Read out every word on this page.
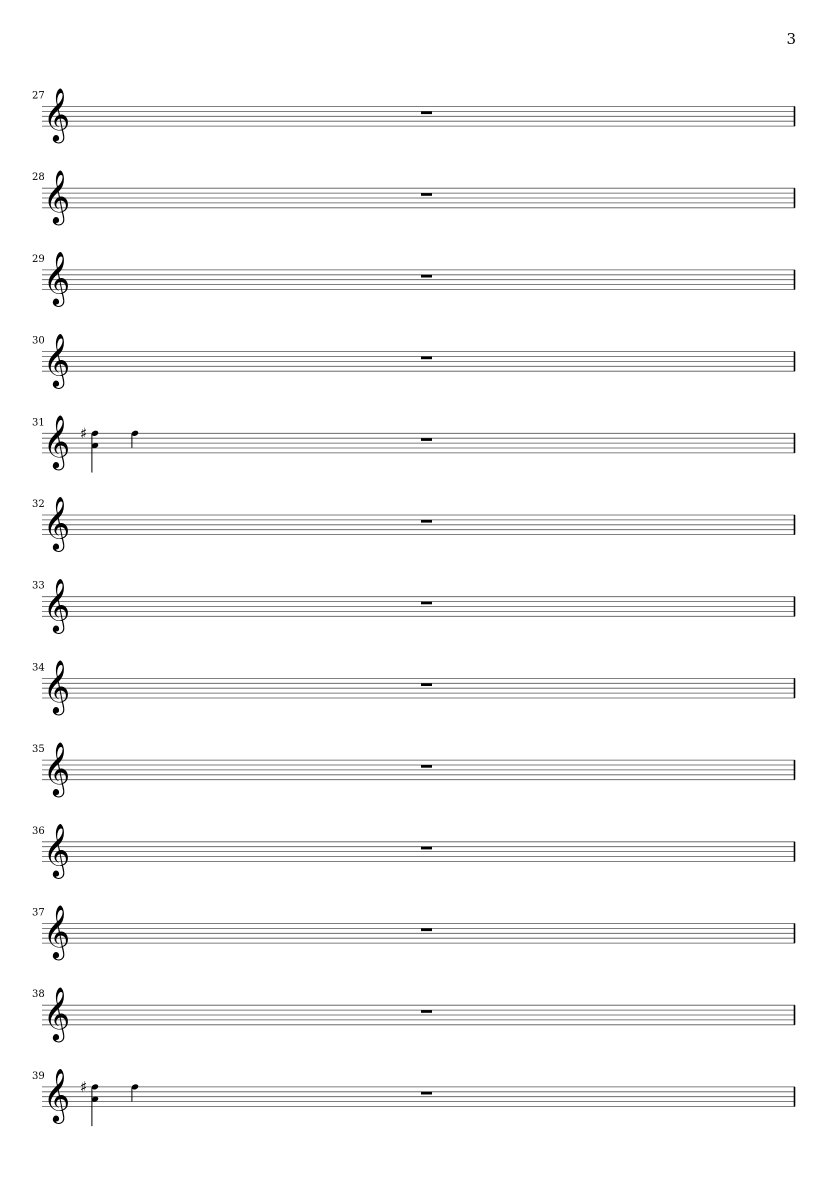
3
27
𝄞
28
𝄞
29
𝄞
30
𝄞
31
𝄞 ♯
32
𝄞
33
𝄞
34
𝄞
35
𝄞
36
𝄞
37
𝄞
38
𝄞
39
𝄞 ♯
